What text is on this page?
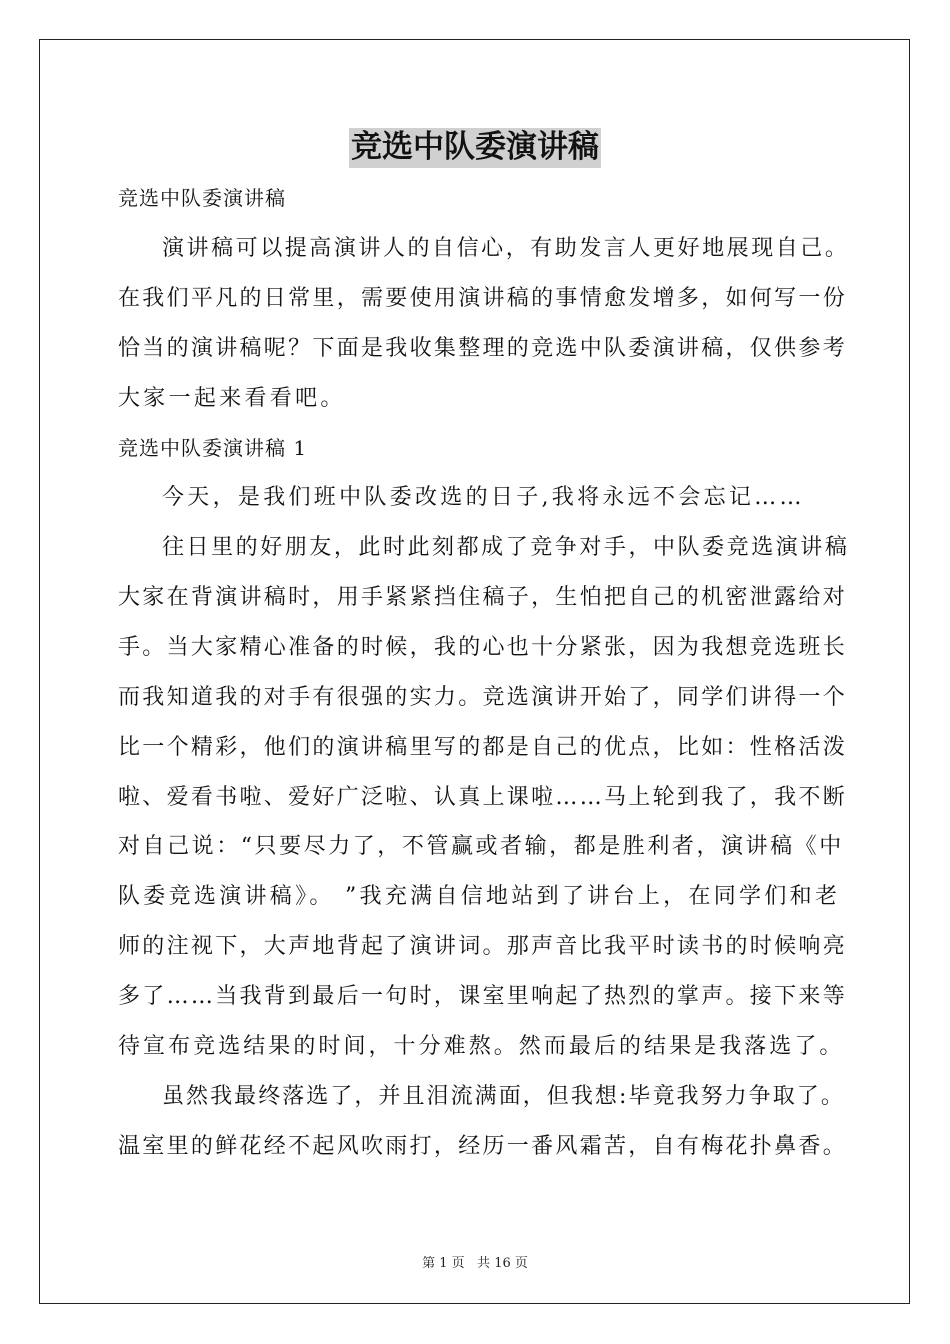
竞选中队委演讲稿
竞选中队委演讲稿
演讲稿可以提高演讲人的自信心，有助发言人更好地展现自己。
在我们平凡的日常里，需要使用演讲稿的事情愈发增多，如何写一份
恰当的演讲稿呢？下面是我收集整理的竞选中队委演讲稿，仅供参考
大家一起来看看吧。
竞选中队委演讲稿 1
今天，是我们班中队委改选的日子,我将永远不会忘记……
往日里的好朋友，此时此刻都成了竞争对手，中队委竞选演讲稿
大家在背演讲稿时，用手紧紧挡住稿子，生怕把自己的机密泄露给对
手。当大家精心准备的时候，我的心也十分紧张，因为我想竞选班长
而我知道我的对手有很强的实力。竞选演讲开始了，同学们讲得一个
比一个精彩，他们的演讲稿里写的都是自己的优点，比如：性格活泼
啦、爱看书啦、爱好广泛啦、认真上课啦……马上轮到我了，我不断
对自己说：“只要尽力了，不管赢或者输，都是胜利者，演讲稿《中
队委竞选演讲稿》。 ”我充满自信地站到了讲台上，在同学们和老
师的注视下，大声地背起了演讲词。那声音比我平时读书的时候响亮
多了……当我背到最后一句时，课室里响起了热烈的掌声。接下来等
待宣布竞选结果的时间，十分难熬。然而最后的结果是我落选了。
虽然我最终落选了，并且泪流满面，但我想:毕竟我努力争取了。
温室里的鲜花经不起风吹雨打，经历一番风霜苦，自有梅花扑鼻香。
第 1 页   共 16 页
